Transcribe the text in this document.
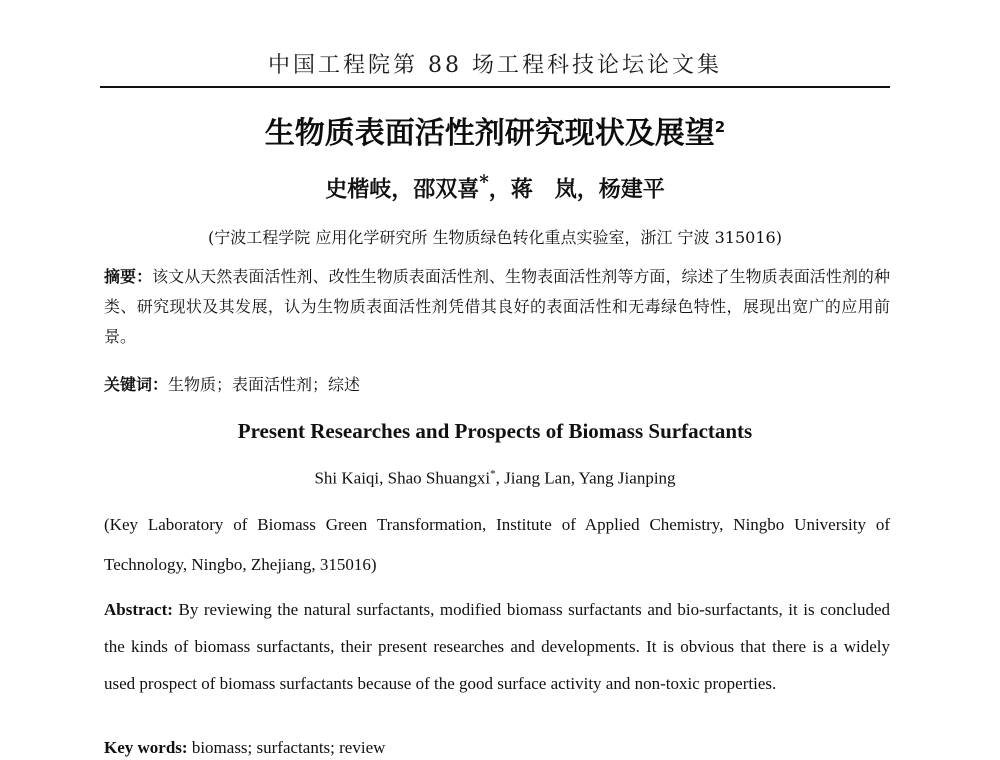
中国工程院第 88 场工程科技论坛论文集
生物质表面活性剂研究现状及展望$^2$
史楷岐，邵双喜*，蒋　岚，杨建平
(宁波工程学院 应用化学研究所 生物质绿色转化重点实验室，浙江 宁波 315016)
摘要：该文从天然表面活性剂、改性生物质表面活性剂、生物表面活性剂等方面，综述了生物质表面活性剂的种类、研究现状及其发展，认为生物质表面活性剂凭借其良好的表面活性和无毒绿色特性，展现出宽广的应用前景。
关键词：生物质；表面活性剂；综述
Present Researches and Prospects of Biomass Surfactants
Shi Kaiqi, Shao Shuangxi*, Jiang Lan, Yang Jianping
(Key Laboratory of Biomass Green Transformation, Institute of Applied Chemistry, Ningbo University of Technology, Ningbo, Zhejiang, 315016)
Abstract: By reviewing the natural surfactants, modified biomass surfactants and bio-surfactants, it is concluded the kinds of biomass surfactants, their present researches and developments. It is obvious that there is a widely used prospect of biomass surfactants because of the good surface activity and non-toxic properties.
Key words: biomass; surfactants; review
